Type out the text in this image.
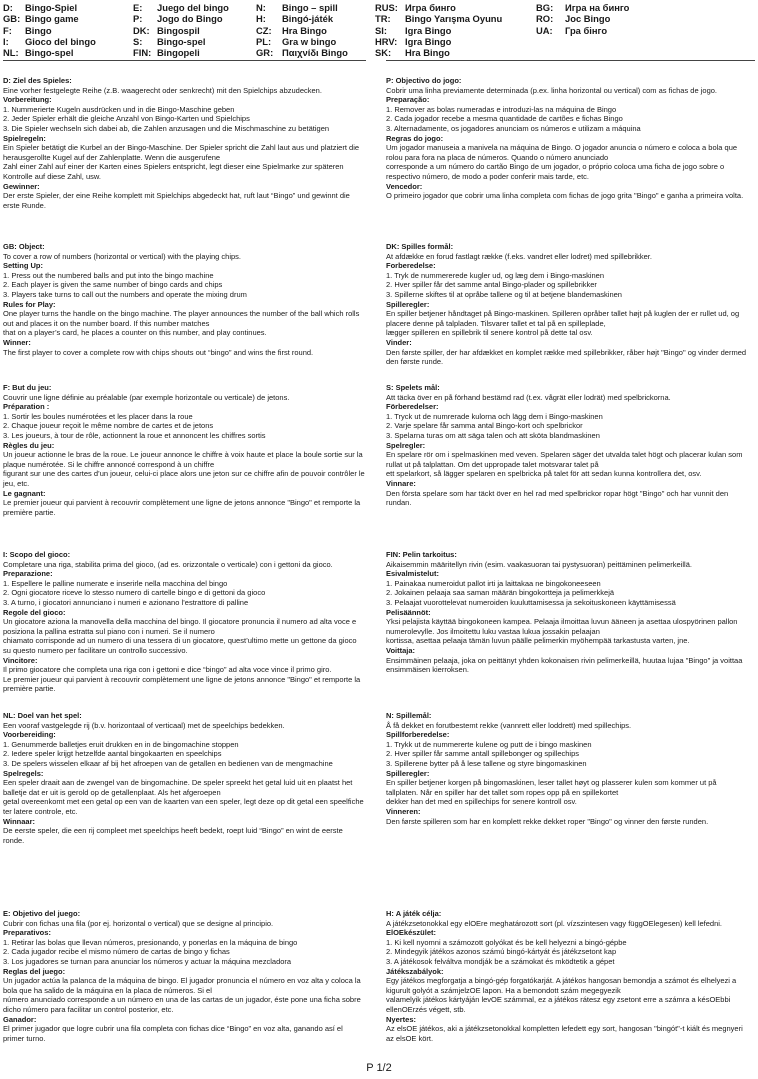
D:	Bingo-Spiel
GB: Bingo game
F:	Bingo
I:	Gioco del bingo
NL: Bingo-spel
E:	Juego del bingo
P:	Jogo do Bingo
DK: Bingospil
S:	Bingo-spel
FIN: Bingopeli
N:	Bingo – spill
H:	Bingó-játék
CZ:	Hra Bingo
PL:	Gra w bingo
GR: Παιχνίδι Bingo
RUS: Игра бинго
TR:	Bingo Yarışma Oyunu
SI:	Igra Bingo
HRV: Igra Bingo
SK:	Hra Bingo
BG:	Игра на бинго
RO:	Joc Bingo
UA:	Гра бінго
D: Ziel des Spieles:
Eine vorher festgelegte Reihe (z.B. waagerecht oder senkrecht) mit den Spielchips abzudecken.
Vorbereitung:
1. Nummerierte Kugeln ausdrücken und in die Bingo-Maschine geben
2. Jeder Spieler erhält die gleiche Anzahl von Bingo-Karten und Spielchips
3. Die Spieler wechseln sich dabei ab, die Zahlen anzusagen und die Mischmaschine zu betätigen
Spielregeln:
Ein Spieler betätigt die Kurbel an der Bingo-Maschine. Der Spieler spricht die Zahl laut aus und platziert die herausgerollte Kugel auf der Zahlenplatte. Wenn die ausgerufene
Zahl einer Zahl auf einer der Karten eines Spielers entspricht, legt dieser eine Spielmarke zur späteren Kontrolle auf diese Zahl, usw.
Gewinner:
Der erste Spieler, der eine Reihe komplett mit Spielchips abgedeckt hat, ruft laut “Bingo” und gewinnt die erste Runde.
P: Objectivo do jogo:
Cobrir uma linha previamente determinada (p.ex. linha horizontal ou vertical) com as fichas de jogo.
Preparação:
1. Remover as bolas numeradas e introduzi-las na máquina de Bingo
2. Cada jogador recebe a mesma quantidade de cartões e fichas Bingo
3. Alternadamente, os jogadores anunciam os números e utilizam a máquina
Regras do jogo:
Um jogador manuseia a manivela na máquina de Bingo. O jogador anuncia o número e coloca a bola que rolou para fora na placa de números. Quando o número anunciado
corresponde a um número do cartão Bingo de um jogador, o próprio coloca uma ficha de jogo sobre o respectivo número, de modo a poder conferir mais tarde, etc.
Vencedor:
O primeiro jogador que cobrir uma linha completa com fichas de jogo grita "Bingo" e ganha a primeira volta.
GB: Object:
To cover a row of numbers (horizontal or vertical) with the playing chips.
Setting Up:
1. Press out the numbered balls and put into the bingo machine
2. Each player is given the same number of bingo cards and chips
3. Players take turns to call out the numbers and operate the mixing drum
Rules for Play:
One player turns the handle on the bingo machine. The player announces the number of the ball which rolls out and places it on the number board. If this number matches
that on a player’s card, he places a counter on this number, and play continues.
Winner:
The first player to cover a complete row with chips shouts out “bingo” and wins the first round.
DK: Spilles formål:
At afdække en forud fastlagt række (f.eks. vandret eller lodret) med spillebrikker.
Forberedelse:
1. Tryk de nummererede kugler ud, og læg dem i Bingo-maskinen
2. Hver spiller får det samme antal Bingo-plader og spillebrikker
3. Spillerne skiftes til at opråbe tallene og til at betjene blandemaskinen
Spilleregler:
En spiller betjener håndtaget på Bingo-maskinen. Spilleren opråber tallet højt på kuglen der er rullet ud, og placere denne på talpladen. Tilsvarer tallet et tal på en spilleplade,
lægger spilleren en spillebrik til senere kontrol på dette tal osv.
Vinder:
Den første spiller, der har afdækket en komplet række med spillebrikker, råber højt "Bingo" og vinder dermed den første runde.
F: But du jeu:
Couvrir une ligne définie au préalable (par exemple horizontale ou verticale) de jetons.
Préparation :
1. Sortir les boules numérotées et les placer dans la roue
2. Chaque joueur reçoit le même nombre de cartes et de jetons
3. Les joueurs, à tour de rôle, actionnent la roue et annoncent les chiffres sortis
Règles du jeu:
Un joueur actionne le bras de la roue. Le joueur annonce le chiffre à voix haute et place la boule sortie sur la plaque numérotée. Si le chiffre annoncé correspond à un chiffre
figurant sur une des cartes d’un joueur, celui-ci place alors une jeton sur ce chiffre afin de pouvoir contrôler le jeu, etc.
Le gagnant:
Le premier joueur qui parvient à recouvrir complètement une ligne de jetons annonce "Bingo" et remporte la première partie.
S: Spelets mål:
Att täcka över en på förhand bestämd rad (t.ex. vågrät eller lodrät) med spelbrickorna.
Förberedelser:
1. Tryck ut de numrerade kulorna och lägg dem i Bingo-maskinen
2. Varje spelare får samma antal Bingo-kort och spelbrickor
3. Spelarna turas om att säga talen och att sköta blandmaskinen
Spelregler:
En spelare rör om i spelmaskinen med veven. Spelaren säger det utvalda talet högt och placerar kulan som rullat ut på talplattan. Om det uppropade talet motsvarar talet på
ett spelarkort, så lägger spelaren en spelbricka på talet för att sedan kunna kontrollera det, osv.
Vinnare:
Den första spelare som har täckt över en hel rad med spelbrickor ropar högt "Bingo" och har vunnit den rundan.
I: Scopo del gioco:
Completare una riga, stabilita prima del gioco, (ad es. orizzontale o verticale) con i gettoni da gioco.
Preparazione:
1. Espellere le palline numerate e inserirle nella macchina del bingo
2. Ogni giocatore riceve lo stesso numero di cartelle bingo e di gettoni da gioco
3. A turno, i giocatori annunciano i numeri e azionano l’estrattore di palline
Regole del gioco:
Un giocatore aziona la manovella della macchina del bingo. Il giocatore pronuncia il numero ad alta voce e posiziona la pallina estratta sul piano con i numeri. Se il numero
chiamato corrisponde ad un numero di una tessera di un giocatore, quest’ultimo mette un gettone da gioco su questo numero per facilitare un controllo successivo.
Vincitore:
Il primo giocatore che completa una riga con i gettoni e dice “bingo” ad alta voce vince il primo giro.
Le premier joueur qui parvient à recouvrir complètement une ligne de jetons annonce "Bingo" et remporte la première partie.
FIN: Pelin tarkoitus:
Aikaisemmin määritellyn rivin (esim. vaakasuoran tai pystysuoran) peittäminen pelimerkeillä.
Esivalmistelut:
1. Painakaa numeroidut pallot irti ja laittakaa ne bingokoneeseen
2. Jokainen pelaaja saa saman määrän bingokortteja ja pelimerkkejä
3. Pelaajat vuorottelevat numeroiden kuuluttamisessa ja sekoituskoneen käyttämisessä
Pelisäännöt:
Yksi pelajista käyttää bingokoneen kampea. Pelaaja ilmoittaa luvun ääneen ja asettaa ulospyörinen pallon numerolevylle. Jos ilmoitettu luku vastaa lukua jossakin pelaajan
kortissa, asettaa pelaaja tämän luvun päälle pelimerkin myöhempää tarkastusta varten, jne.
Voittaja:
Ensimmäinen pelaaja, joka on peittänyt yhden kokonaisen rivin pelimerkeillä, huutaa lujaa "Bingo" ja voittaa ensimmäisen kierroksen.
NL: Doel van het spel:
Een vooraf vastgelegde rij (b.v. horizontaal of verticaal) met de speelchips bedekken.
Voorbereiding:
1. Genummerde balletjes eruit drukken en in de bingomachine stoppen
2. Iedere speler krijgt hetzelfde aantal bingokaarten en speelchips
3. De spelers wisselen elkaar af bij het afroepen van de getallen en bedienen van de mengmachine
Spelregels:
Een speler draait aan de zwengel van de bingomachine. De speler spreekt het getal luid uit en plaatst het balletje dat er uit is gerold op de getallenplaat. Als het afgeroepen
getal overeenkomt met een getal op een van de kaarten van een speler, legt deze op dit getal een speelfiche ter latere controle, etc.
Winnaar:
De eerste speler, die een rij compleet met speelchips heeft bedekt, roept luid “Bingo” en wint de eerste ronde.
N: Spillemål:
Å få dekket en forutbestemt rekke (vannrett eller loddrett) med spillechips.
Spillforberedelse:
1. Trykk ut de nummererte kulene og putt de i bingo maskinen
2. Hver spiller får samme antall spillebonger og spillechips
3. Spillerene bytter på å lese tallene og styre bingomaskinen
Spilleregler:
En spiller betjener korgen på bingomaskinen, leser tallet høyt og plasserer kulen som kommer ut på tallplaten. Når en spiller har det tallet som ropes opp på en spillekortet
dekker han det med en spillechips for senere kontroll osv.
Vinneren:
Den første spilleren som har en komplett rekke dekket roper "Bingo" og vinner den første runden.
E: Objetivo del juego:
Cubrir con fichas una fila (por ej. horizontal o vertical) que se designe al principio.
Preparativos:
1. Retirar las bolas que llevan números, presionando, y ponerlas en la máquina de bingo
2. Cada jugador recibe el mismo número de cartas de bingo y fichas
3. Los jugadores se turnan para anunciar los números y actuar la máquina mezcladora
Reglas del juego:
Un jugador actúa la palanca de la máquina de bingo. El jugador pronuncia el número en voz alta y coloca la bola que ha salido de la máquina en la placa de números. Si el
número anunciado corresponde a un número en una de las cartas de un jugador, éste pone una ficha sobre dicho número para facilitar un control posterior, etc.
Ganador:
El primer jugador que logre cubrir una fila completa con fichas dice “Bingo” en voz alta, ganando así el primer turno.
H: A játék célja:
A játékzsetonokkal egy elOEre meghatározott sort (pl. vízszintesen vagy függOElegesen) kell lefedni.
ElOEkészület:
1. Ki kell nyomni a számozott golyókat és be kell helyezni a bingó-gépbe
2. Mindegyik játékos azonos számú bingó-kártyát és játékzsetont kap
3. A játékosok felváltva mondják be a számokat és mködtetik a gépet
Játékszabályok:
Egy játékos megforgatja a bingó-gép forgatókarját. A játékos hangosan bemondja a számot és elhelyezi a kigurult golyót a számjelzOE lapon. Ha a bemondott szám megegyezik
valamelyik játékos kártyáján levOE számmal, ez a játékos rátesz egy zsetont erre a számra a késOEbbi ellenOErzés végett, stb.
Nyertes:
Az elsOE játékos, aki a játékzsetonokkal kompletten lefedett egy sort, hangosan "bingót"-t kiált és megnyeri az elsOE kört.
P 1/2
